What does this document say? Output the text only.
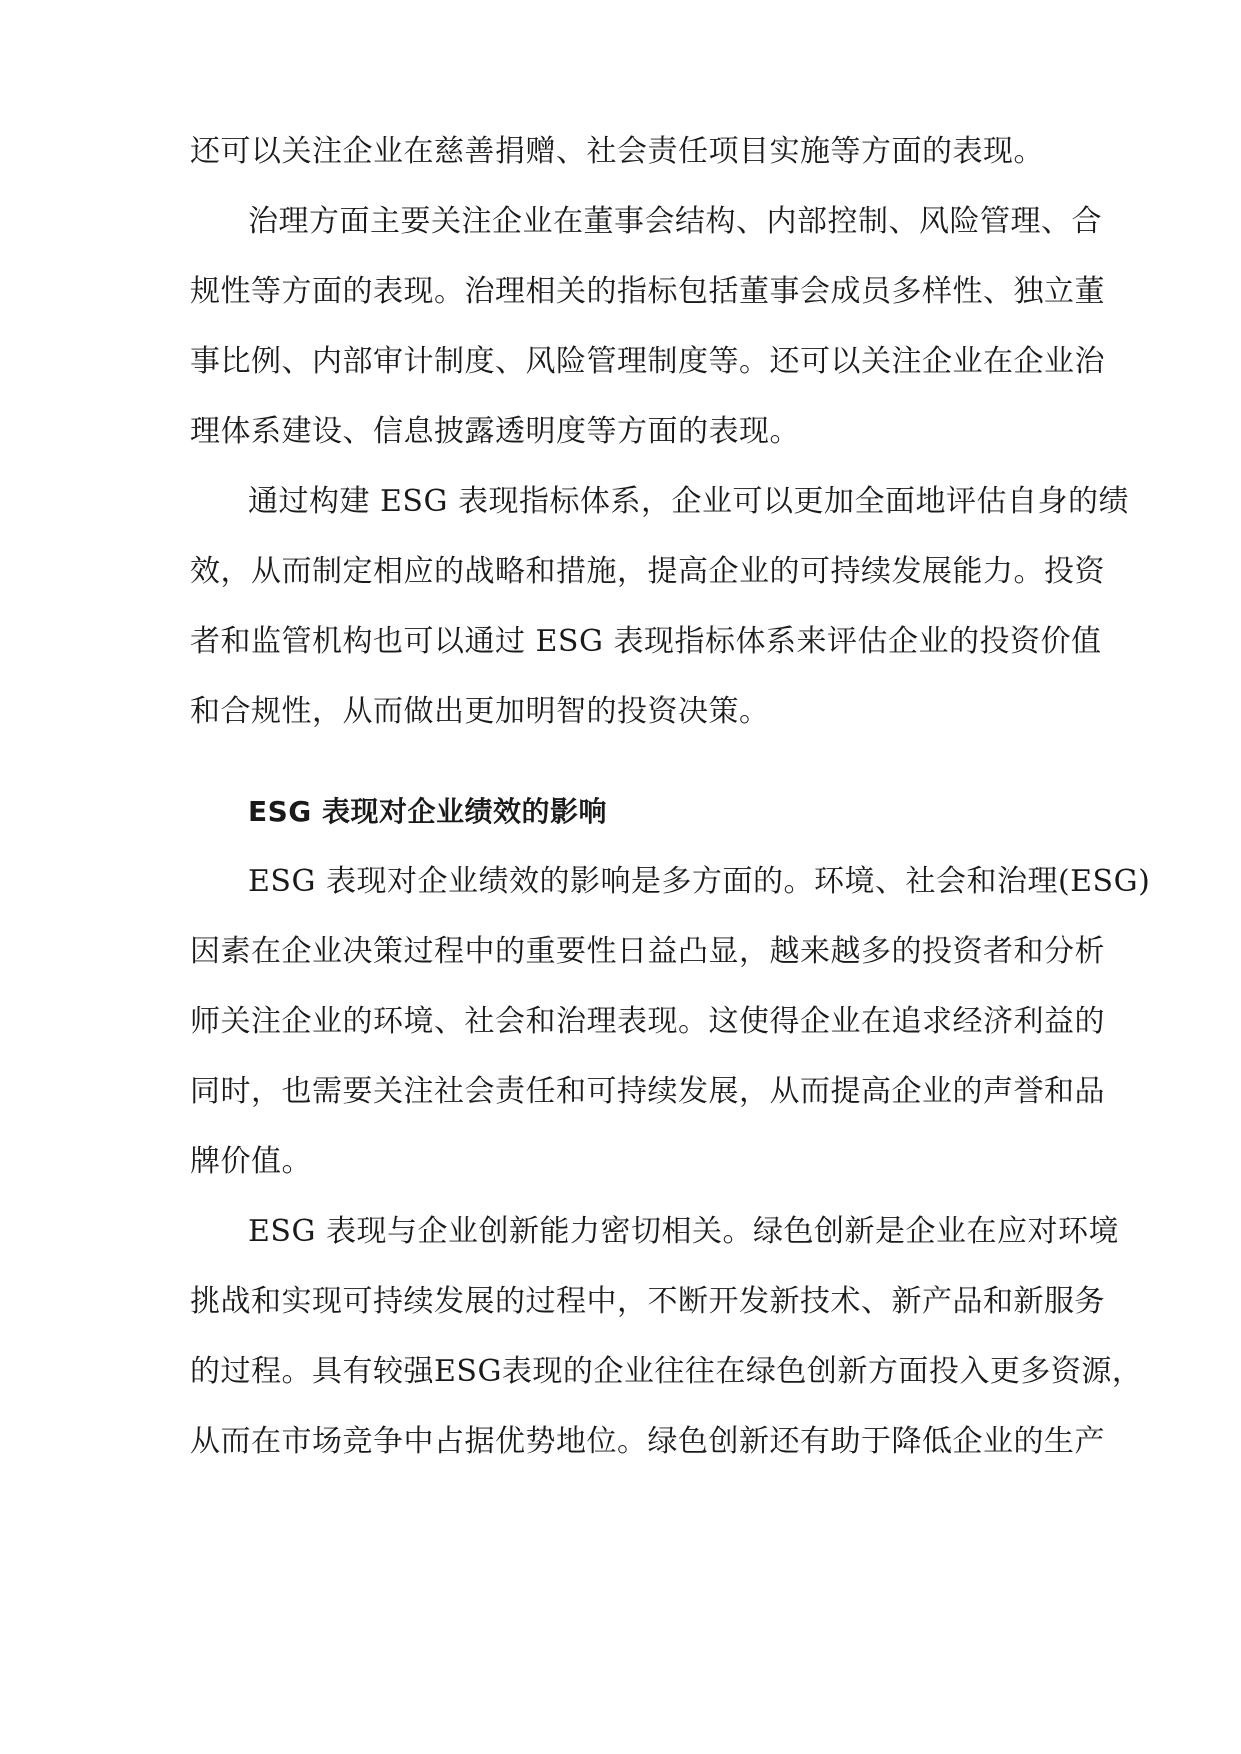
还可以关注企业在慈善捐赠、社会责任项目实施等方面的表现。
治理方面主要关注企业在董事会结构、内部控制、风险管理、合
规性等方面的表现。治理相关的指标包括董事会成员多样性、独立董
事比例、内部审计制度、风险管理制度等。还可以关注企业在企业治
理体系建设、信息披露透明度等方面的表现。
通过构建 ESG 表现指标体系，企业可以更加全面地评估自身的绩
效，从而制定相应的战略和措施，提高企业的可持续发展能力。投资
者和监管机构也可以通过 ESG 表现指标体系来评估企业的投资价值
和合规性，从而做出更加明智的投资决策。
ESG 表现对企业绩效的影响
ESG 表现对企业绩效的影响是多方面的。环境、社会和治理(ESG)
因素在企业决策过程中的重要性日益凸显，越来越多的投资者和分析
师关注企业的环境、社会和治理表现。这使得企业在追求经济利益的
同时，也需要关注社会责任和可持续发展，从而提高企业的声誉和品
牌价值。
ESG 表现与企业创新能力密切相关。绿色创新是企业在应对环境
挑战和实现可持续发展的过程中，不断开发新技术、新产品和新服务
的过程。具有较强ESG表现的企业往往在绿色创新方面投入更多资源，
从而在市场竞争中占据优势地位。绿色创新还有助于降低企业的生产
